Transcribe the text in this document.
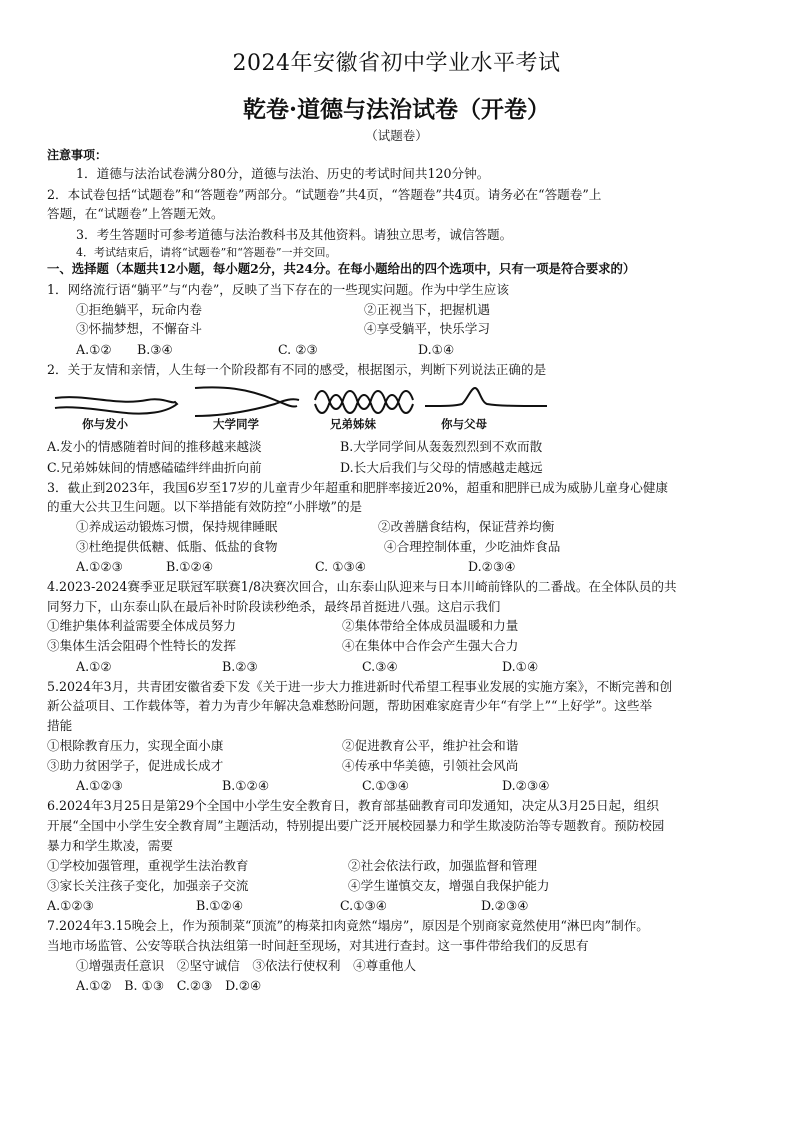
2024年安徽省初中学业水平考试
乾卷·道德与法治试卷（开卷）
（试题卷）
注意事项：
1．道德与法治试卷满分80分，道德与法治、历史的考试时间共120分钟。
2．本试卷包括“试题卷”和“答题卷”两部分。“试题卷”共4页，“答题卷”共4页。请务必在“答题卷”上
答题，在“试题卷”上答题无效。
3．考生答题时可参考道德与法治教科书及其他资料。请独立思考，诚信答题。
4．考试结束后，请将“试题卷”和“答题卷”一并交回。
一、选择题（本题共12小题，每小题2分，共24分。在每小题给出的四个选项中，只有一项是符合要求的）
1．网络流行语“躺平”与“内卷”，反映了当下存在的一些现实问题。作为中学生应该
①拒绝躺平，玩命内卷	②正视当下，把握机遇
③怀揣梦想，不懈奋斗	④享受躺平，快乐学习
A.①② B.③④	C. ②③	D.①④
2．关于友情和亲情，人生每一个阶段都有不同的感受，根据图示，判断下列说法正确的是
你与发小	大学同学	兄弟姊妹	你与父母
A.发小的情感随着时间的推移越来越淡	B.大学同学间从轰轰烈烈到不欢而散
C.兄弟姊妹间的情感磕磕绊绊曲折向前	D.长大后我们与父母的情感越走越远
3．截止到2023年，我国6岁至17岁的儿童青少年超重和肥胖率接近20%，超重和肥胖已成为威胁儿童身心健康
的重大公共卫生问题。以下举措能有效防控“小胖墩”的是
①养成运动锻炼习惯，保持规律睡眠	②改善膳食结构，保证营养均衡
③杜绝提供低糖、低脂、低盐的食物	④合理控制体重，少吃油炸食品
A.①②③	B.①②④	C. ①③④	D.②③④
4.2023-2024赛季亚足联冠军联赛1/8决赛次回合，山东泰山队迎来与日本川崎前锋队的二番战。在全体队员的共
同努力下，山东泰山队在最后补时阶段读秒绝杀，最终昂首挺进八强。这启示我们
①维护集体利益需要全体成员努力	②集体带给全体成员温暖和力量
③集体生活会阻碍个性特长的发挥	④在集体中合作会产生强大合力
A.①②	B.②③	C.③④	D.①④
5.2024年3月，共青团安徽省委下发《关于进一步大力推进新时代希望工程事业发展的实施方案》，不断完善和创
新公益项目、工作载体等，着力为青少年解决急难愁盼问题，帮助困难家庭青少年“有学上”“上好学”。这些举
措能
①根除教育压力，实现全面小康	②促进教育公平，维护社会和谐
③助力贫困学子，促进成长成才	④传承中华美德，引领社会风尚
A.①②③	B.①②④	C.①③④	D.②③④
6.2024年3月25日是第29个全国中小学生安全教育日，教育部基础教育司印发通知，决定从3月25日起，组织
开展“全国中小学生安全教育周”主题活动，特别提出要广泛开展校园暴力和学生欺凌防治等专题教育。预防校园
暴力和学生欺凌，需要
①学校加强管理，重视学生法治教育	②社会依法行政，加强监督和管理
③家长关注孩子变化，加强亲子交流	④学生谨慎交友，增强自我保护能力
A.①②③	B.①②④	C.①③④	D.②③④
7.2024年3.15晚会上，作为预制菜“顶流”的梅菜扣肉竟然“塌房”，原因是个别商家竟然使用“淋巴肉”制作。
当地市场监管、公安等联合执法组第一时间赶至现场，对其进行查封。这一事件带给我们的反思有
①增强责任意识　②坚守诚信　③依法行使权利　④尊重他人
A.①②　B. ①③　C.②③　D.②④
